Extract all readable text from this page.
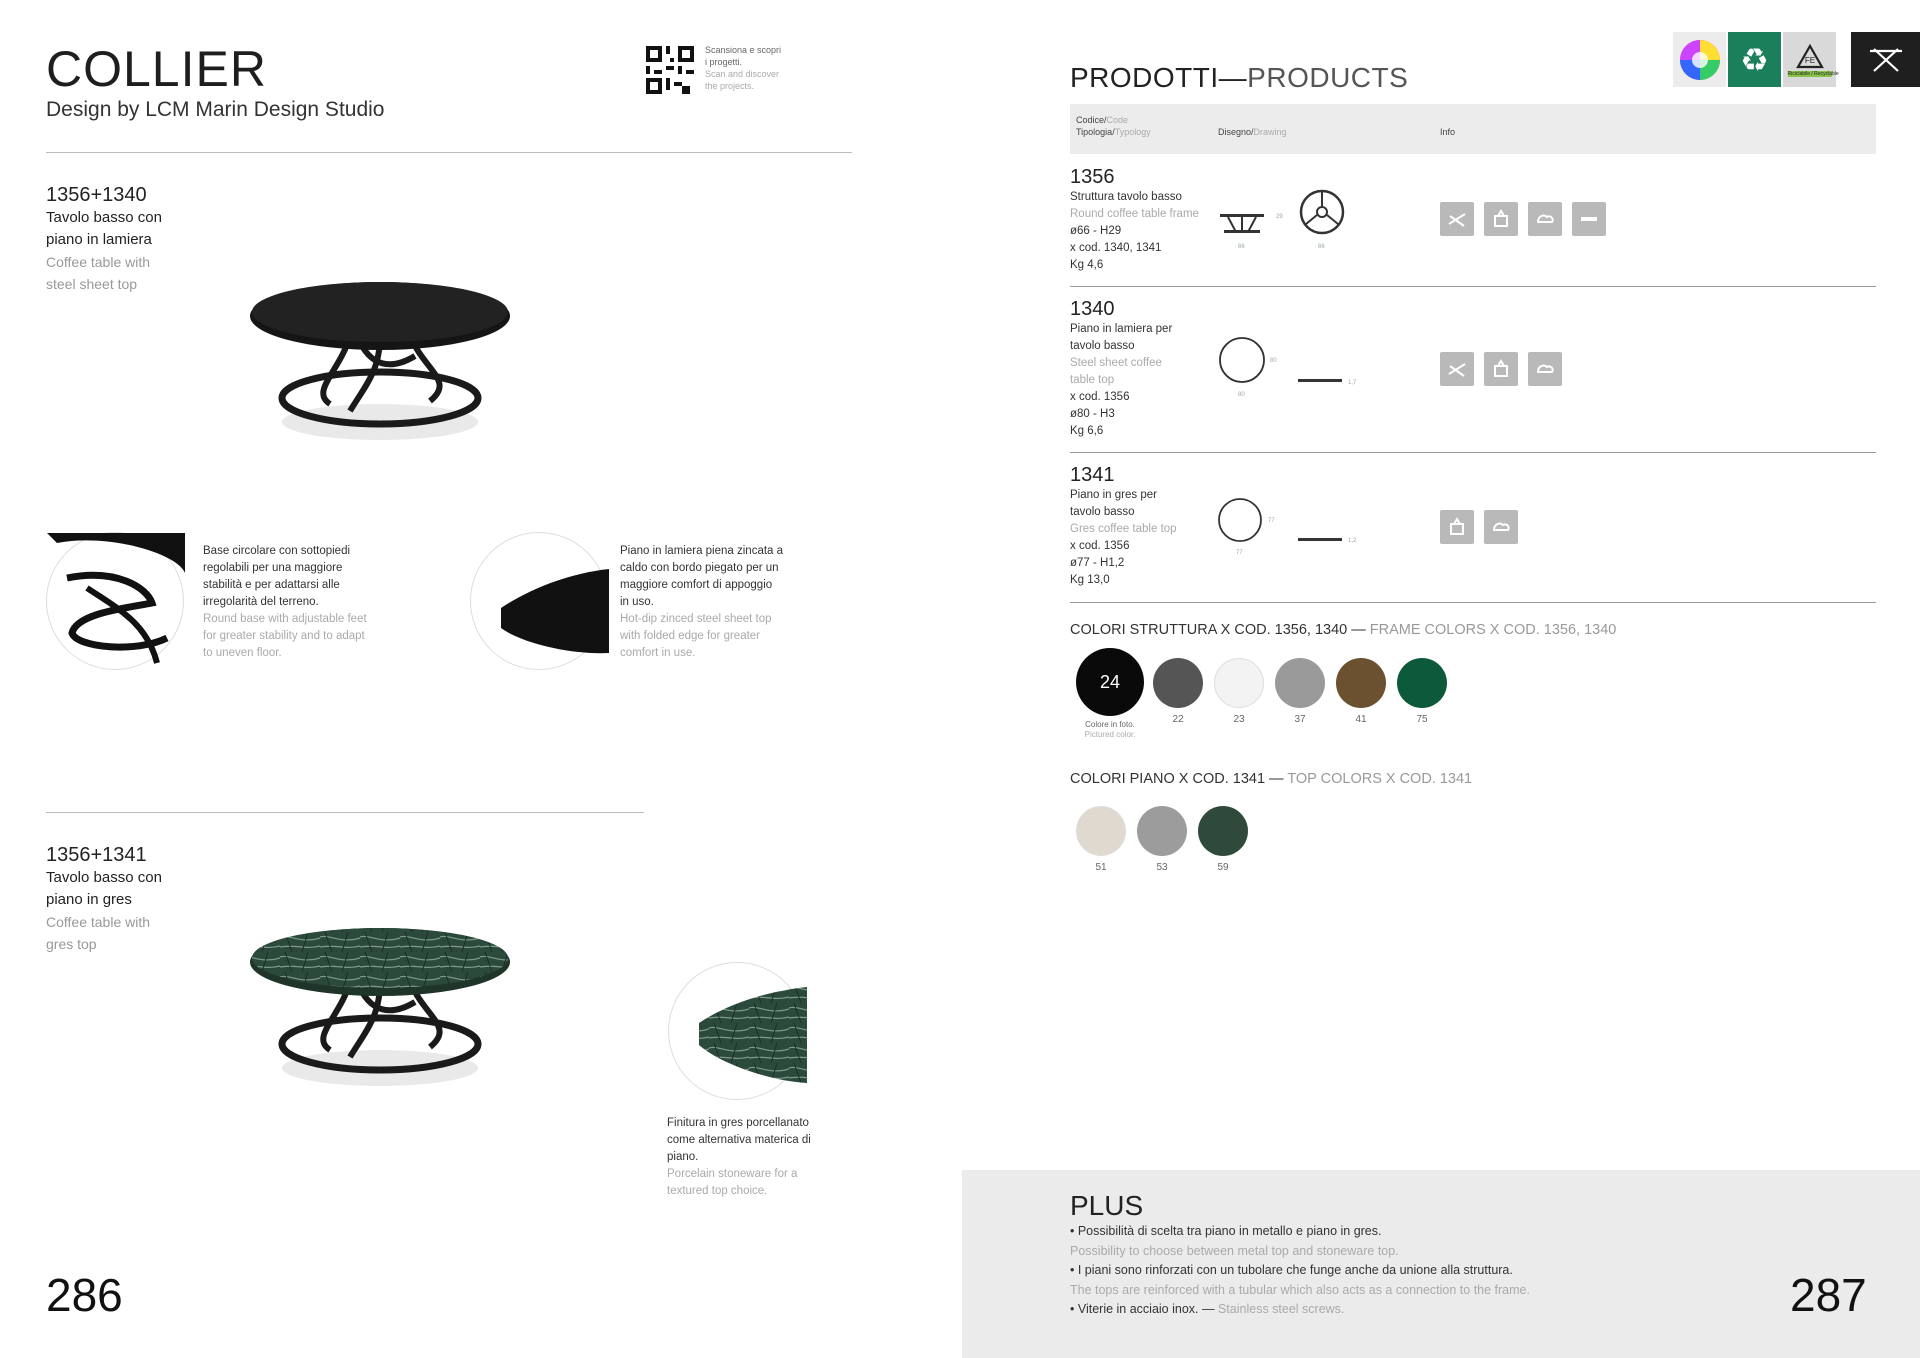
COLLIER
Design by LCM Marin Design Studio
Scansiona e scopri
i progetti.
Scan and discover
the projects.
1356+1340
Tavolo basso con
piano in lamiera
Coffee table with
steel sheet top
Base circolare con sottopiedi
regolabili per una maggiore
stabilità e per adattarsi alle
irregolarità del terreno.
Round base with adjustable feet
for greater stability and to adapt
to uneven floor.
Piano in lamiera piena zincata a
caldo con bordo piegato per un
maggiore comfort di appoggio
in uso.
Hot-dip zinced steel sheet top
with folded edge for greater
comfort in use.
1356+1341
Tavolo basso con
piano in gres
Coffee table with
gres top
Finitura in gres porcellanato
come alternativa materica di
piano.
Porcelain stoneware for a
textured top choice.
286
♻	FE
Riciclabile / Recyclable
PRODOTTI—PRODUCTS
Codice/Code
Tipologia/Typology	Disegno/Drawing	Info
1356
Struttura tavolo basso
Round coffee table frame
ø66 - H29
x cod. 1340, 1341
Kg 4,6
29
66	66
1340
Piano in lamiera per
tavolo basso
Steel sheet coffee
table top
x cod. 1356
ø80 - H3
Kg 6,6
80
80
1,7
1341
Piano in gres per
tavolo basso
Gres coffee table top
x cod. 1356
ø77 - H1,2
Kg 13,0
77
77
1,2
COLORI STRUTTURA X COD. 1356, 1340 — FRAME COLORS X COD. 1356, 1340
24
22	23	37	41	75
Colore in foto.
Pictured color.
COLORI PIANO X COD. 1341 — TOP COLORS X COD. 1341
51	53	59
PLUS
• Possibilità di scelta tra piano in metallo e piano in gres.
Possibility to choose between metal top and stoneware top.
• I piani sono rinforzati con un tubolare che funge anche da unione alla struttura.
The tops are reinforced with a tubular which also acts as a connection to the frame.
• Viterie in acciaio inox. — Stainless steel screws.	287
